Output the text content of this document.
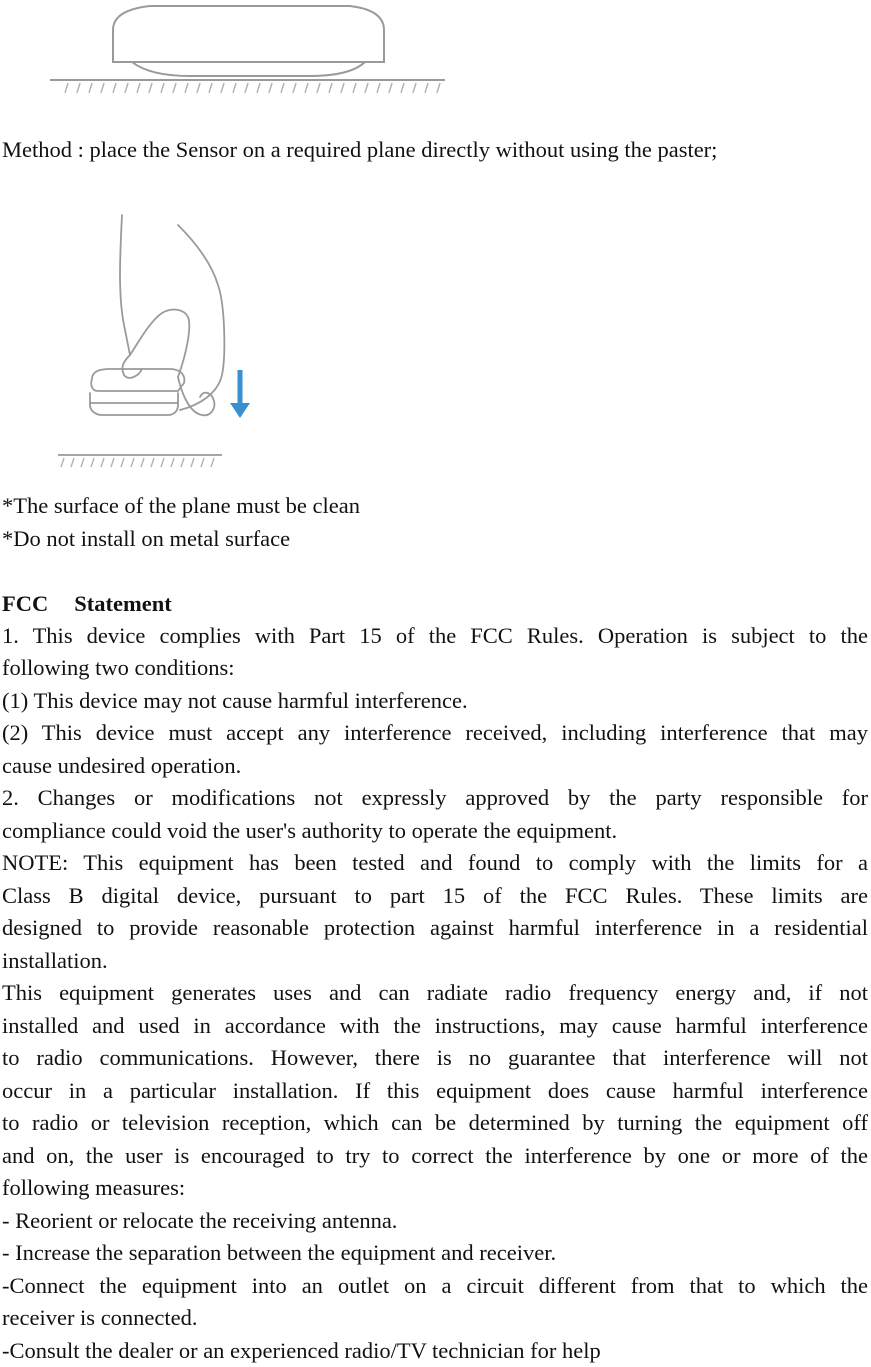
Method : place the Sensor on a required plane directly without using the paster;
*The surface of the plane must be clean
*Do not install on metal surface
FCC Statement
1. This device complies with Part 15 of the FCC Rules. Operation is subject to the
following two conditions:
(1) This device may not cause harmful interference.
(2) This device must accept any interference received, including interference that may
cause undesired operation.
2. Changes or modifications not expressly approved by the party responsible for
compliance could void the user's authority to operate the equipment.
NOTE: This equipment has been tested and found to comply with the limits for a
Class B digital device, pursuant to part 15 of the FCC Rules. These limits are
designed to provide reasonable protection against harmful interference in a residential
installation.
This equipment generates uses and can radiate radio frequency energy and, if not
installed and used in accordance with the instructions, may cause harmful interference
to radio communications. However, there is no guarantee that interference will not
occur in a particular installation. If this equipment does cause harmful interference
to radio or television reception, which can be determined by turning the equipment off
and on, the user is encouraged to try to correct the interference by one or more of the
following measures:
- Reorient or relocate the receiving antenna.
- Increase the separation between the equipment and receiver.
-Connect the equipment into an outlet on a circuit different from that to which the
receiver is connected.
-Consult the dealer or an experienced radio/TV technician for help
